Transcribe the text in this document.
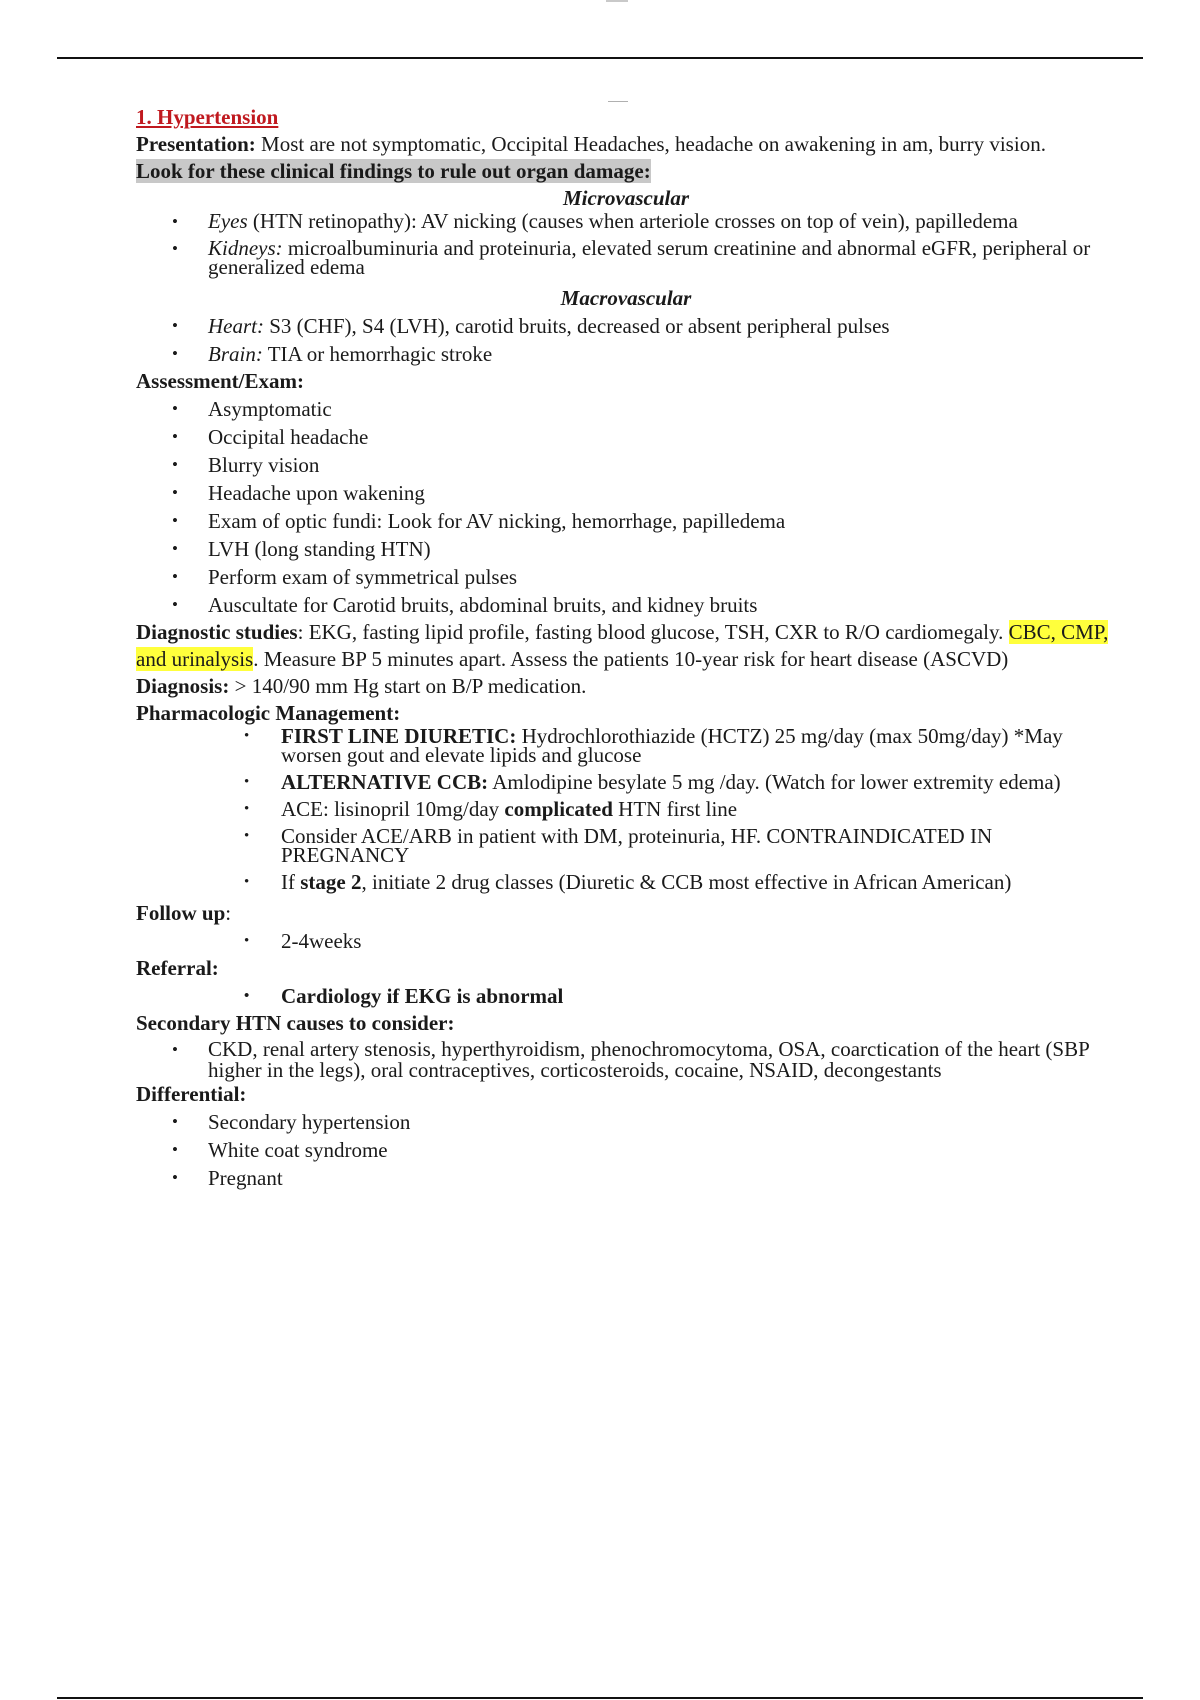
1. Hypertension

Presentation: Most are not symptomatic, Occipital Headaches, headache on awakening in am, burry vision.

Look for these clinical findings to rule out organ damage:

Microvascular

• Eyes (HTN retinopathy): AV nicking (causes when arteriole crosses on top of vein), papilledema
• Kidneys: microalbuminuria and proteinuria, elevated serum creatinine and abnormal eGFR, peripheral or generalized edema

Macrovascular

• Heart: S3 (CHF), S4 (LVH), carotid bruits, decreased or absent peripheral pulses
• Brain: TIA or hemorrhagic stroke

Assessment/Exam:

• Asymptomatic
• Occipital headache
• Blurry vision
• Headache upon wakening
• Exam of optic fundi: Look for AV nicking, hemorrhage, papilledema
• LVH (long standing HTN)
• Perform exam of symmetrical pulses
• Auscultate for Carotid bruits, abdominal bruits, and kidney bruits

Diagnostic studies: EKG, fasting lipid profile, fasting blood glucose, TSH, CXR to R/O cardiomegaly. CBC, CMP, and urinalysis. Measure BP 5 minutes apart. Assess the patients 10-year risk for heart disease (ASCVD)

Diagnosis: > 140/90 mm Hg start on B/P medication.

Pharmacologic Management:

• FIRST LINE DIURETIC: Hydrochlorothiazide (HCTZ) 25 mg/day (max 50mg/day) *May worsen gout and elevate lipids and glucose
• ALTERNATIVE CCB: Amlodipine besylate 5 mg /day. (Watch for lower extremity edema)
• ACE: lisinopril 10mg/day complicated HTN first line
• Consider ACE/ARB in patient with DM, proteinuria, HF. CONTRAINDICATED IN PREGNANCY
• If stage 2, initiate 2 drug classes (Diuretic & CCB most effective in African American)

Follow up:

• 2-4weeks

Referral:

• Cardiology if EKG is abnormal

Secondary HTN causes to consider:

• CKD, renal artery stenosis, hyperthyroidism, phenochromocytoma, OSA, coarctication of the heart (SBP higher in the legs), oral contraceptives, corticosteroids, cocaine, NSAID, decongestants

Differential:

• Secondary hypertension
• White coat syndrome
• Pregnant
